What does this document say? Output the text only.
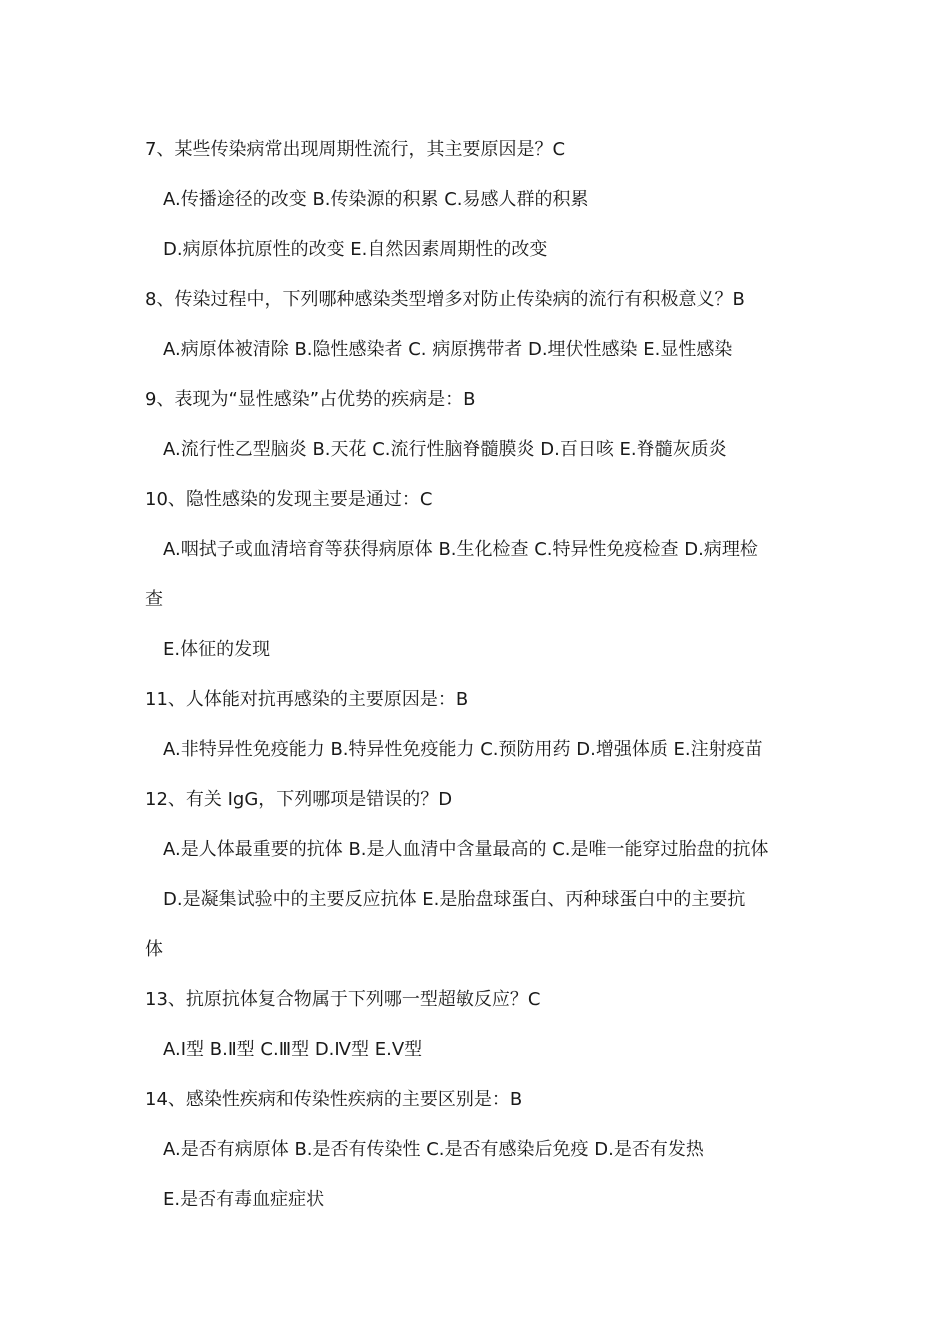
7、某些传染病常出现周期性流行，其主要原因是？C
A.传播途径的改变 B.传染源的积累 C.易感人群的积累
D.病原体抗原性的改变 E.自然因素周期性的改变
8、传染过程中，下列哪种感染类型增多对防止传染病的流行有积极意义？B
A.病原体被清除 B.隐性感染者 C. 病原携带者 D.埋伏性感染 E.显性感染
9、表现为“显性感染”占优势的疾病是：B
A.流行性乙型脑炎 B.天花 C.流行性脑脊髓膜炎 D.百日咳 E.脊髓灰质炎
10、隐性感染的发现主要是通过：C
A.咽拭子或血清培育等获得病原体 B.生化检查 C.特异性免疫检查 D.病理检
查
E.体征的发现
11、人体能对抗再感染的主要原因是：B
A.非特异性免疫能力 B.特异性免疫能力 C.预防用药 D.增强体质 E.注射疫苗
12、有关 IgG，下列哪项是错误的？D
A.是人体最重要的抗体 B.是人血清中含量最高的 C.是唯一能穿过胎盘的抗体
D.是凝集试验中的主要反应抗体 E.是胎盘球蛋白、丙种球蛋白中的主要抗
体
13、抗原抗体复合物属于下列哪一型超敏反应？C
A.Ⅰ型 B.Ⅱ型 C.Ⅲ型 D.Ⅳ型 E.Ⅴ型
14、感染性疾病和传染性疾病的主要区别是：B
A.是否有病原体 B.是否有传染性 C.是否有感染后免疫 D.是否有发热
E.是否有毒血症症状
